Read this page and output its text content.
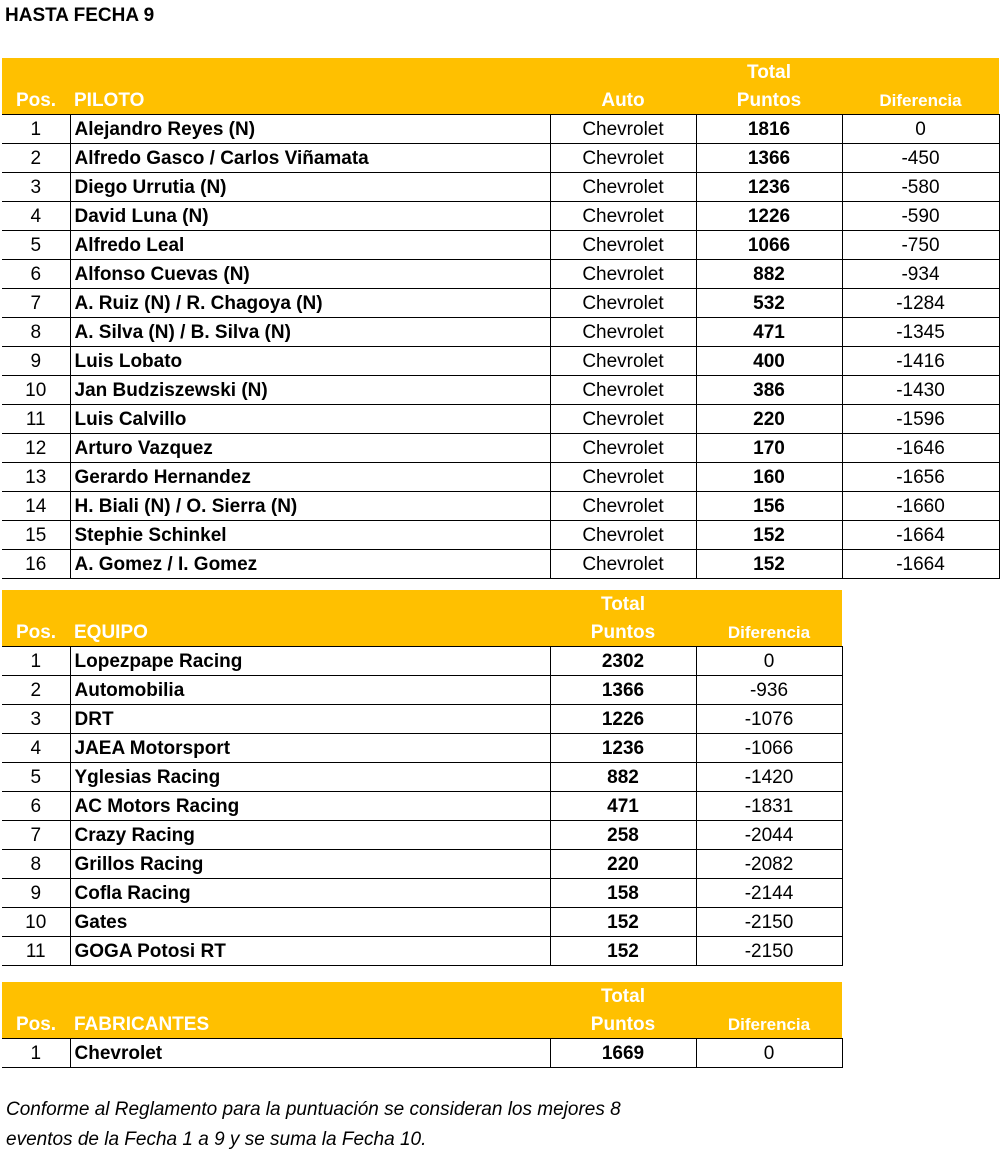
HASTA FECHA 9
			Total	
Pos.	PILOTO	Auto	Puntos	Diferencia
1	Alejandro Reyes (N)	Chevrolet	1816	0
2	Alfredo Gasco / Carlos Viñamata	Chevrolet	1366	-450
3	Diego Urrutia (N)	Chevrolet	1236	-580
4	David Luna (N)	Chevrolet	1226	-590
5	Alfredo Leal	Chevrolet	1066	-750
6	Alfonso Cuevas (N)	Chevrolet	882	-934
7	A. Ruiz (N) / R. Chagoya (N)	Chevrolet	532	-1284
8	A. Silva (N) / B. Silva (N)	Chevrolet	471	-1345
9	Luis Lobato	Chevrolet	400	-1416
10	Jan Budziszewski (N)	Chevrolet	386	-1430
11	Luis Calvillo	Chevrolet	220	-1596
12	Arturo Vazquez	Chevrolet	170	-1646
13	Gerardo Hernandez	Chevrolet	160	-1656
14	H. Biali (N) / O. Sierra (N)	Chevrolet	156	-1660
15	Stephie Schinkel	Chevrolet	152	-1664
16	A. Gomez / I. Gomez	Chevrolet	152	-1664
		Total	
Pos.	EQUIPO	Puntos	Diferencia
1	Lopezpape Racing	2302	0
2	Automobilia	1366	-936
3	DRT	1226	-1076
4	JAEA Motorsport	1236	-1066
5	Yglesias Racing	882	-1420
6	AC Motors Racing	471	-1831
7	Crazy Racing	258	-2044
8	Grillos Racing	220	-2082
9	Cofla Racing	158	-2144
10	Gates	152	-2150
11	GOGA Potosi RT	152	-2150
		Total	
Pos.	FABRICANTES	Puntos	Diferencia
1	Chevrolet	1669	0
Conforme al Reglamento para la puntuación se consideran los mejores 8
eventos de la Fecha 1 a 9 y se suma la Fecha 10.
